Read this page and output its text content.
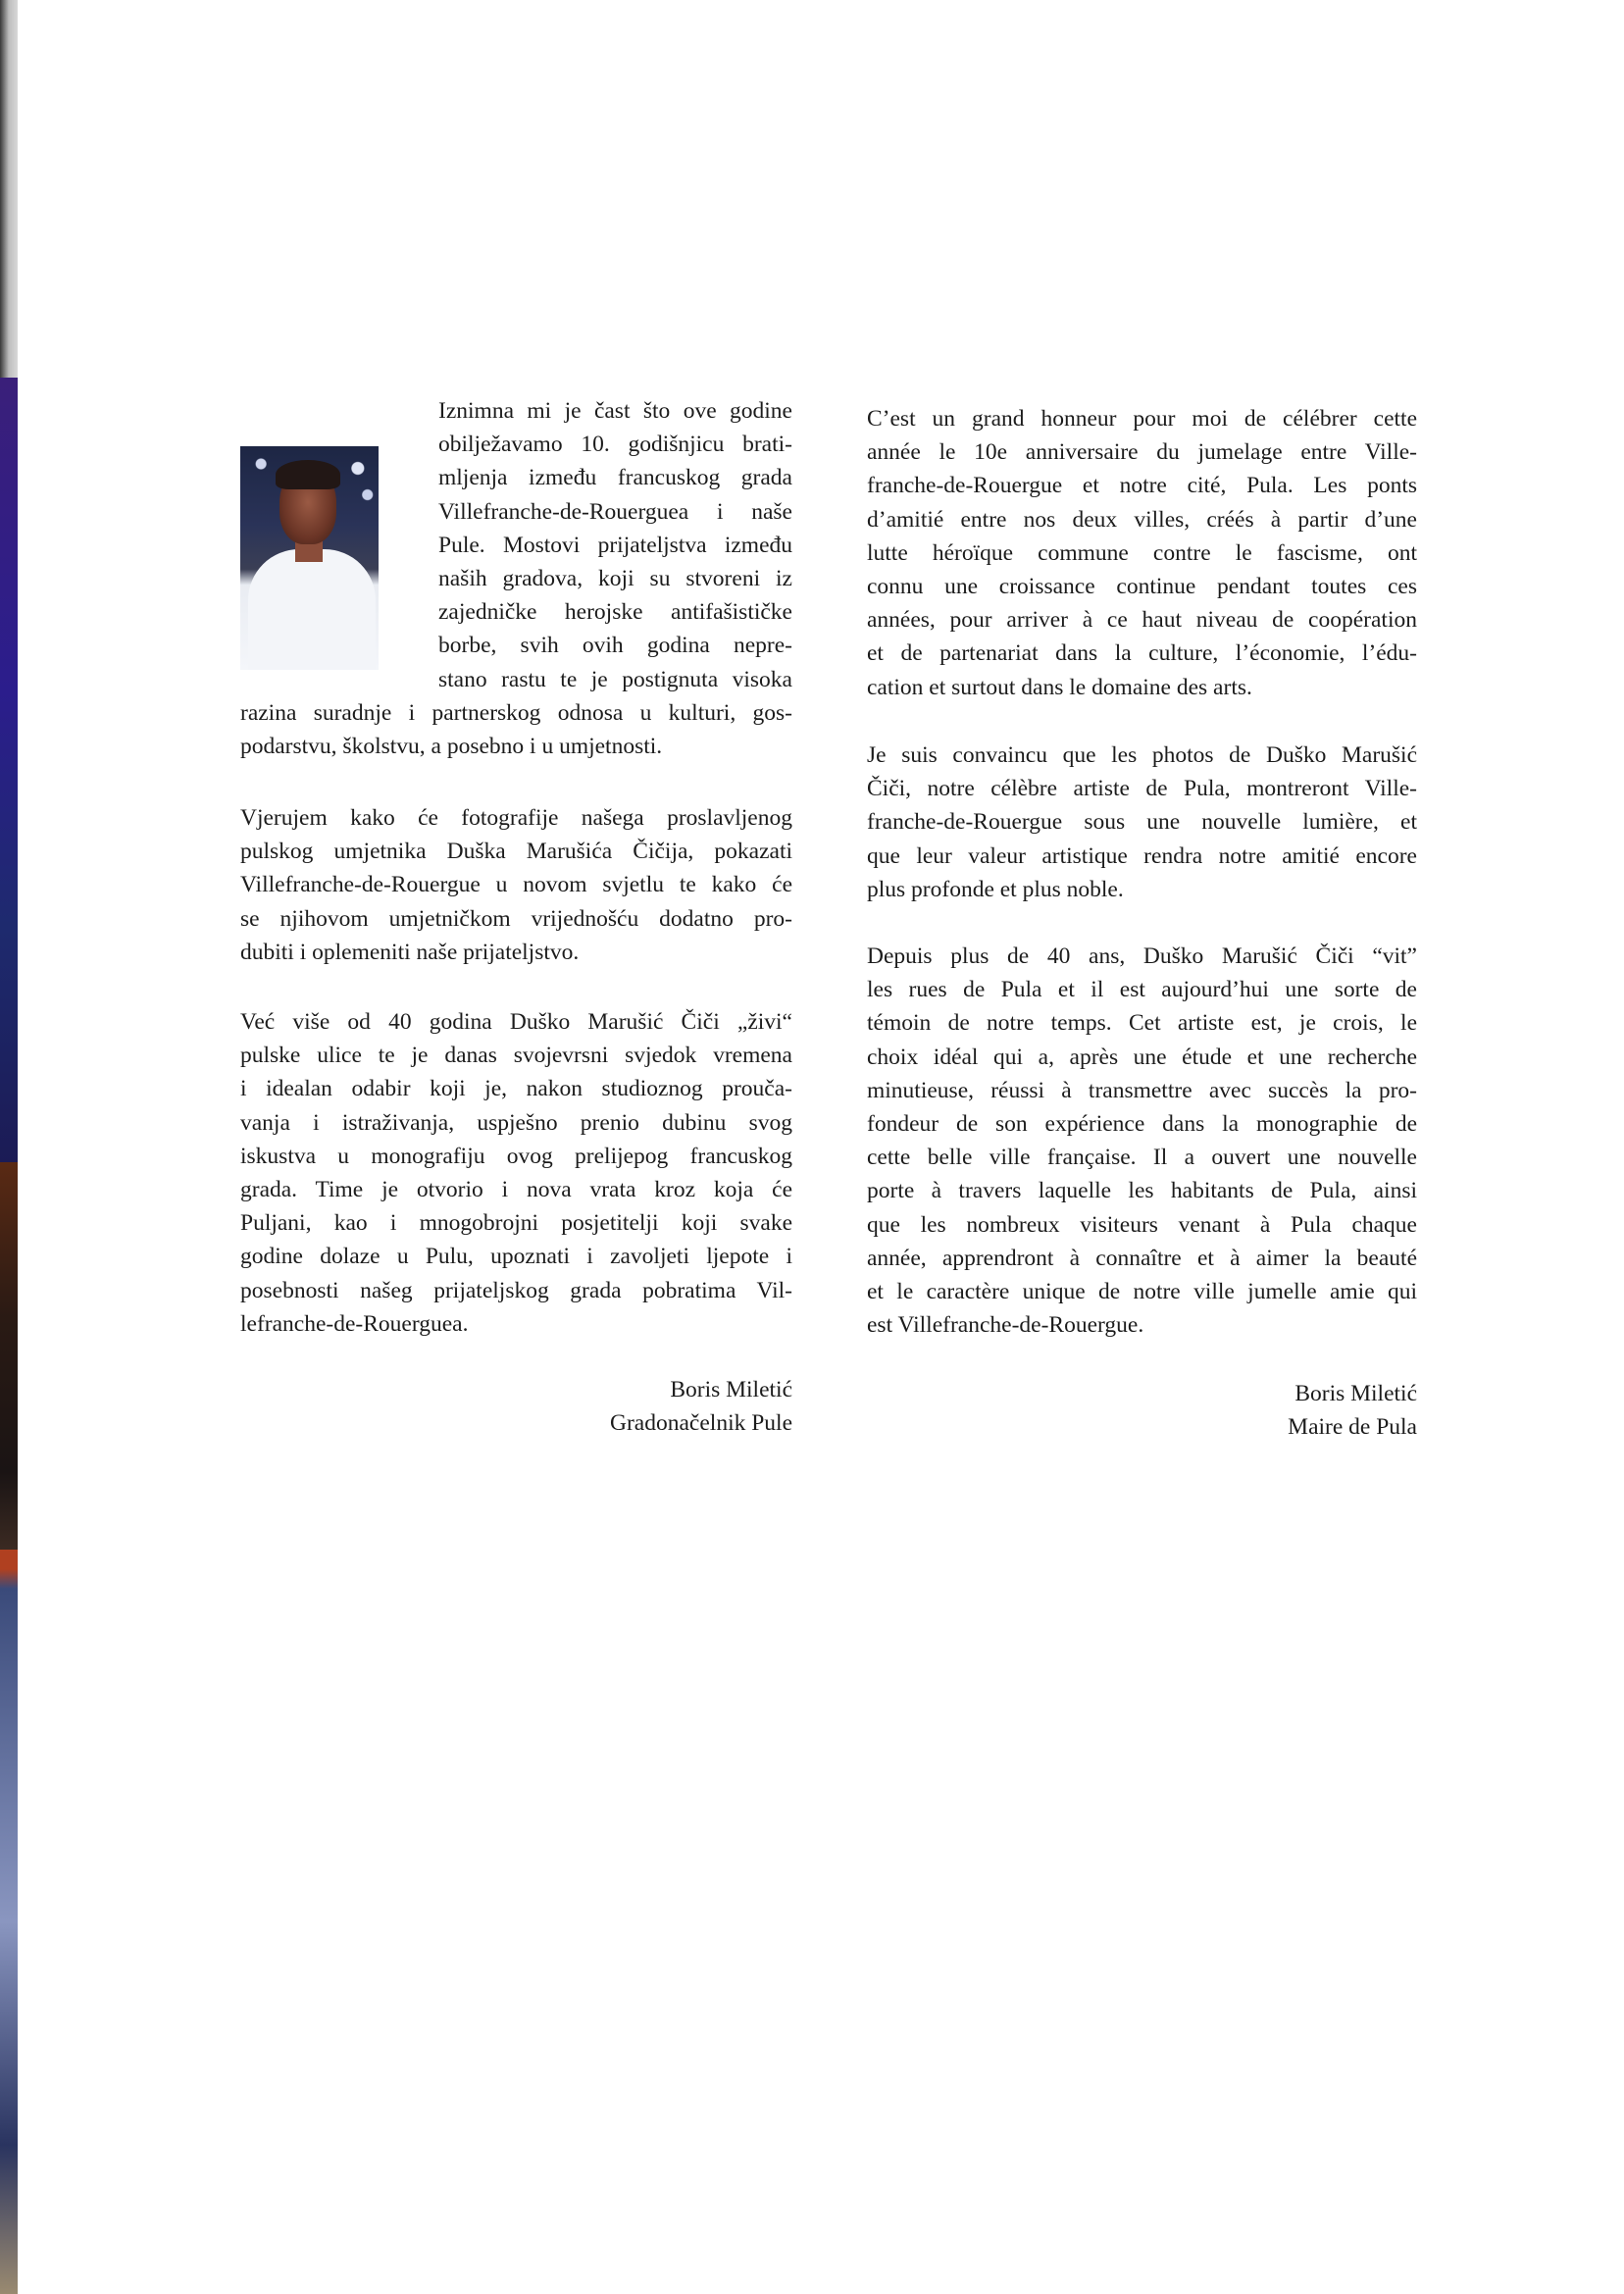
Iznimna mi je čast što ove godine
obilježavamo 10. godišnjicu brati-
mljenja između francuskog grada
Villefranche-de-Rouerguea i naše
Pule. Mostovi prijateljstva između
naših gradova, koji su stvoreni iz
zajedničke herojske antifašističke
borbe, svih ovih godina nepre-
stano rastu te je postignuta visoka
razina suradnje i partnerskog odnosa u kulturi, gos-
podarstvu, školstvu, a posebno i u umjetnosti.
Vjerujem kako će fotografije našega proslavljenog
pulskog umjetnika Duška Marušića Čičija, pokazati
Villefranche-de-Rouergue u novom svjetlu te kako će
se njihovom umjetničkom vrijednošću dodatno pro-
dubiti i oplemeniti naše prijateljstvo.
Već više od 40 godina Duško Marušić Čiči „živi“
pulske ulice te je danas svojevrsni svjedok vremena
i idealan odabir koji je, nakon studioznog prouča-
vanja i istraživanja, uspješno prenio dubinu svog
iskustva u monografiju ovog prelijepog francuskog
grada. Time je otvorio i nova vrata kroz koja će
Puljani, kao i mnogobrojni posjetitelji koji svake
godine dolaze u Pulu, upoznati i zavoljeti ljepote i
posebnosti našeg prijateljskog grada pobratima Vil-
lefranche-de-Rouerguea.
Boris Miletić
Gradonačelnik Pule
C’est un grand honneur pour moi de célébrer cette
année le 10e anniversaire du jumelage entre Ville-
franche-de-Rouergue et notre cité, Pula. Les ponts
d’amitié entre nos deux villes, créés à partir d’une
lutte héroïque commune contre le fascisme, ont
connu une croissance continue pendant toutes ces
années, pour arriver à ce haut niveau de coopération
et de partenariat dans la culture, l’économie, l’édu-
cation et surtout dans le domaine des arts.
Je suis convaincu que les photos de Duško Marušić
Čiči, notre célèbre artiste de Pula, montreront Ville-
franche-de-Rouergue sous une nouvelle lumière, et
que leur valeur artistique rendra notre amitié encore
plus profonde et plus noble.
Depuis plus de 40 ans, Duško Marušić Čiči “vit”
les rues de Pula et il est aujourd’hui une sorte de
témoin de notre temps. Cet artiste est, je crois, le
choix idéal qui a, après une étude et une recherche
minutieuse, réussi à transmettre avec succès la pro-
fondeur de son expérience dans la monographie de
cette belle ville française. Il a ouvert une nouvelle
porte à travers laquelle les habitants de Pula, ainsi
que les nombreux visiteurs venant à Pula chaque
année, apprendront à connaître et à aimer la beauté
et le caractère unique de notre ville jumelle amie qui
est Villefranche-de-Rouergue.
Boris Miletić
Maire de Pula
